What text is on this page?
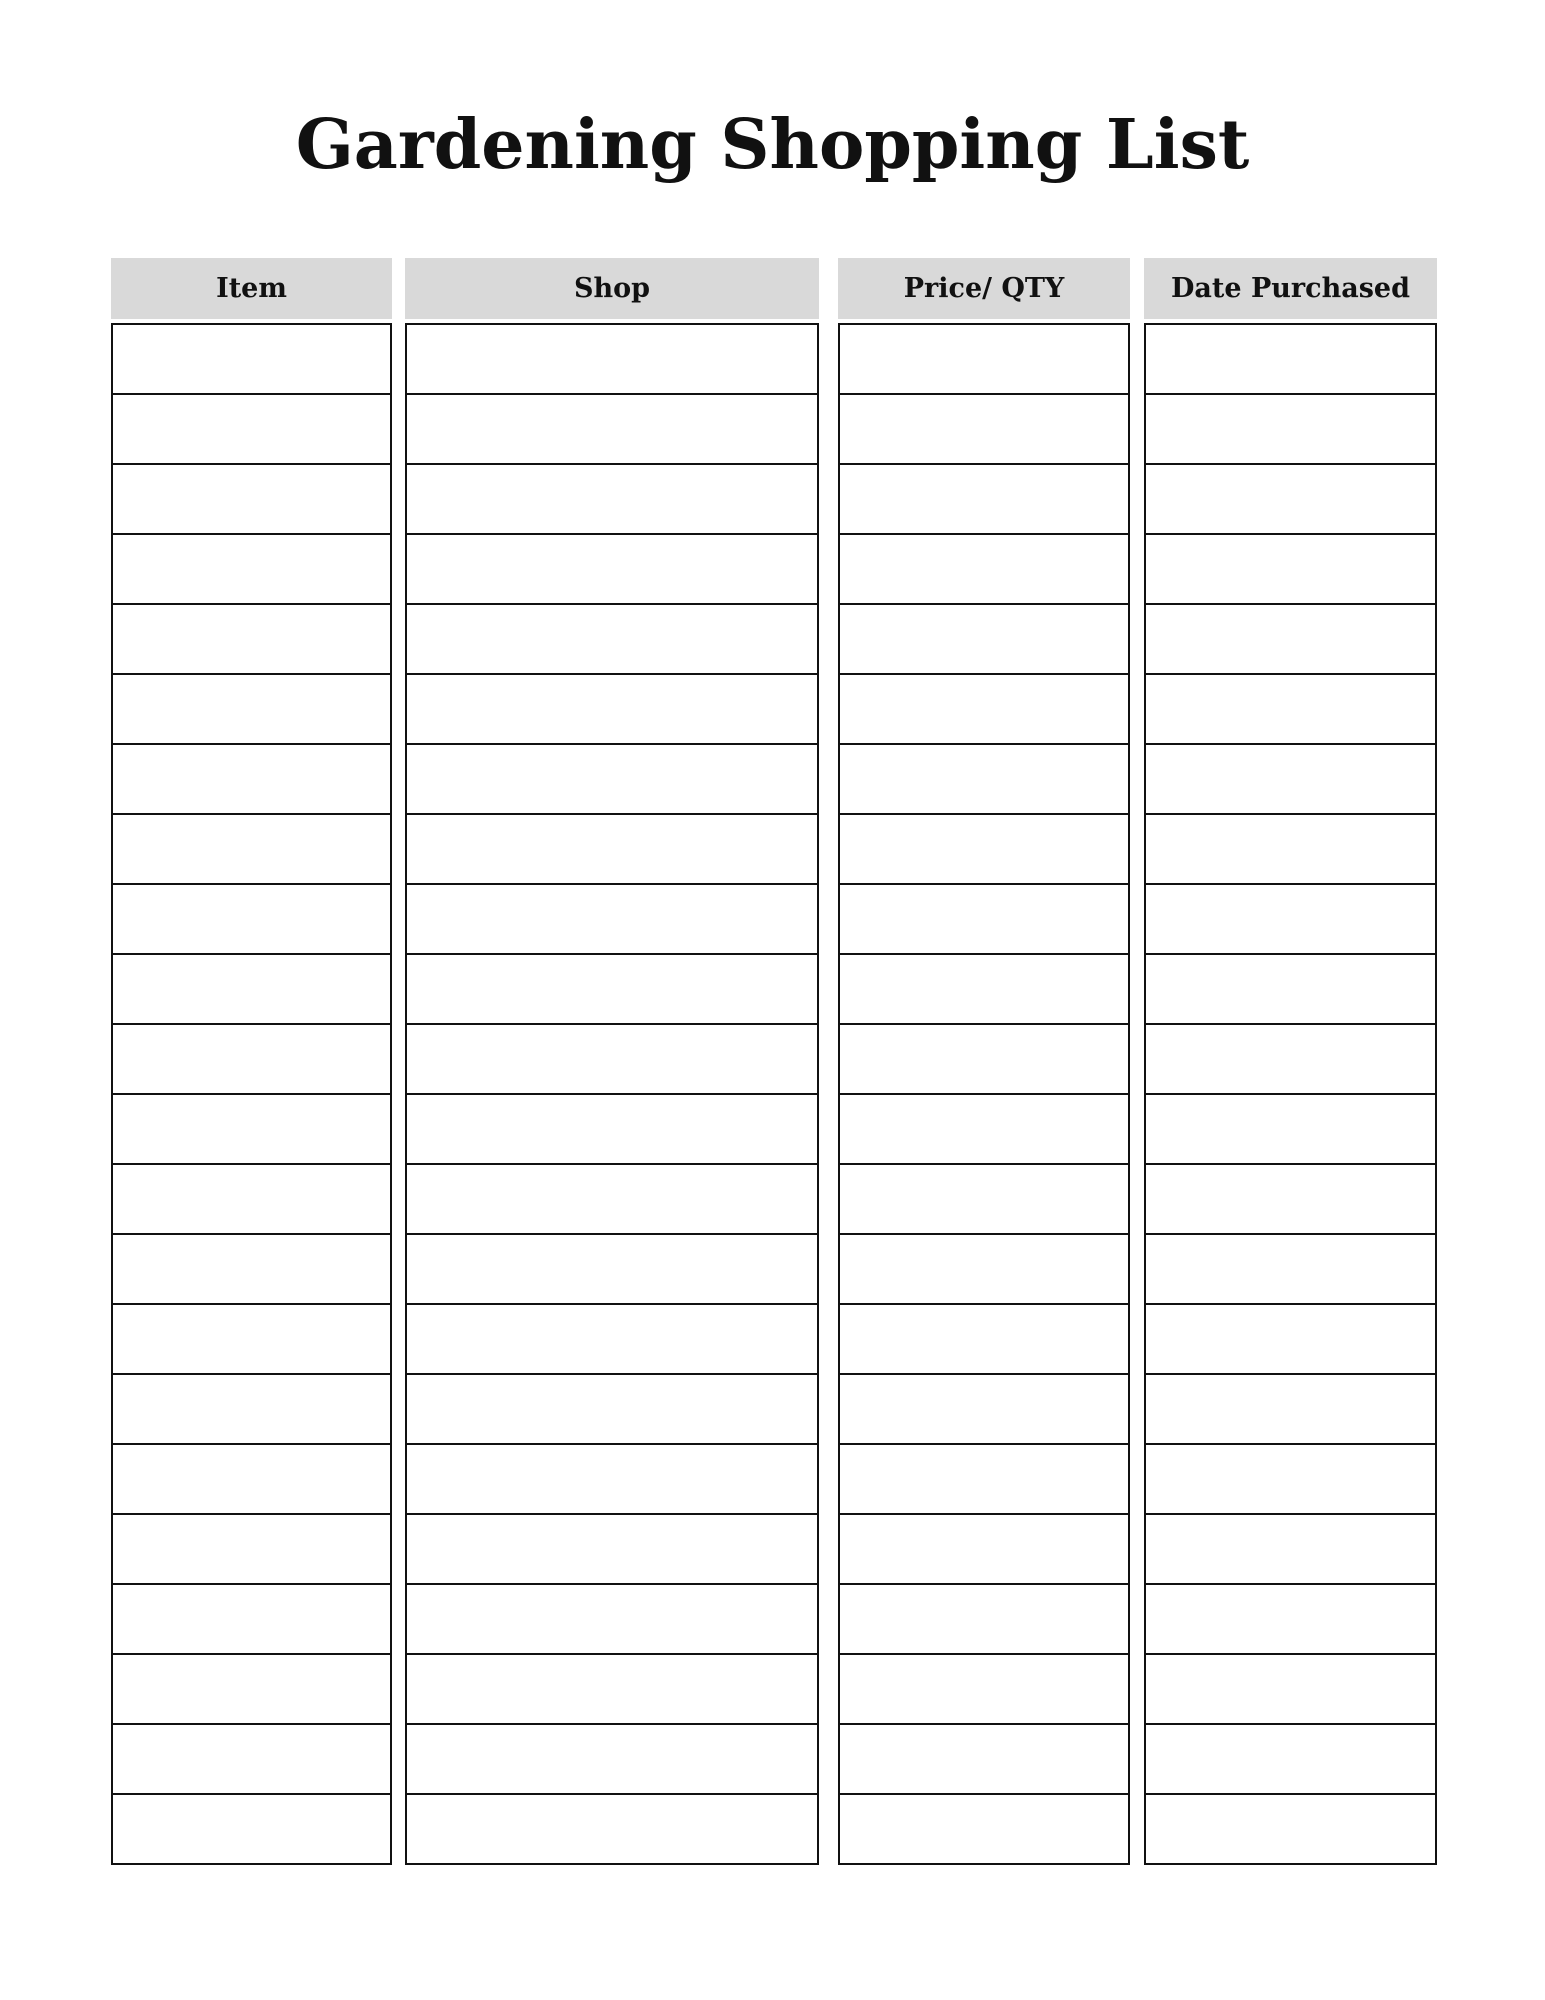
Gardening Shopping List
Item	Shop	Price/ QTY	Date Purchased
